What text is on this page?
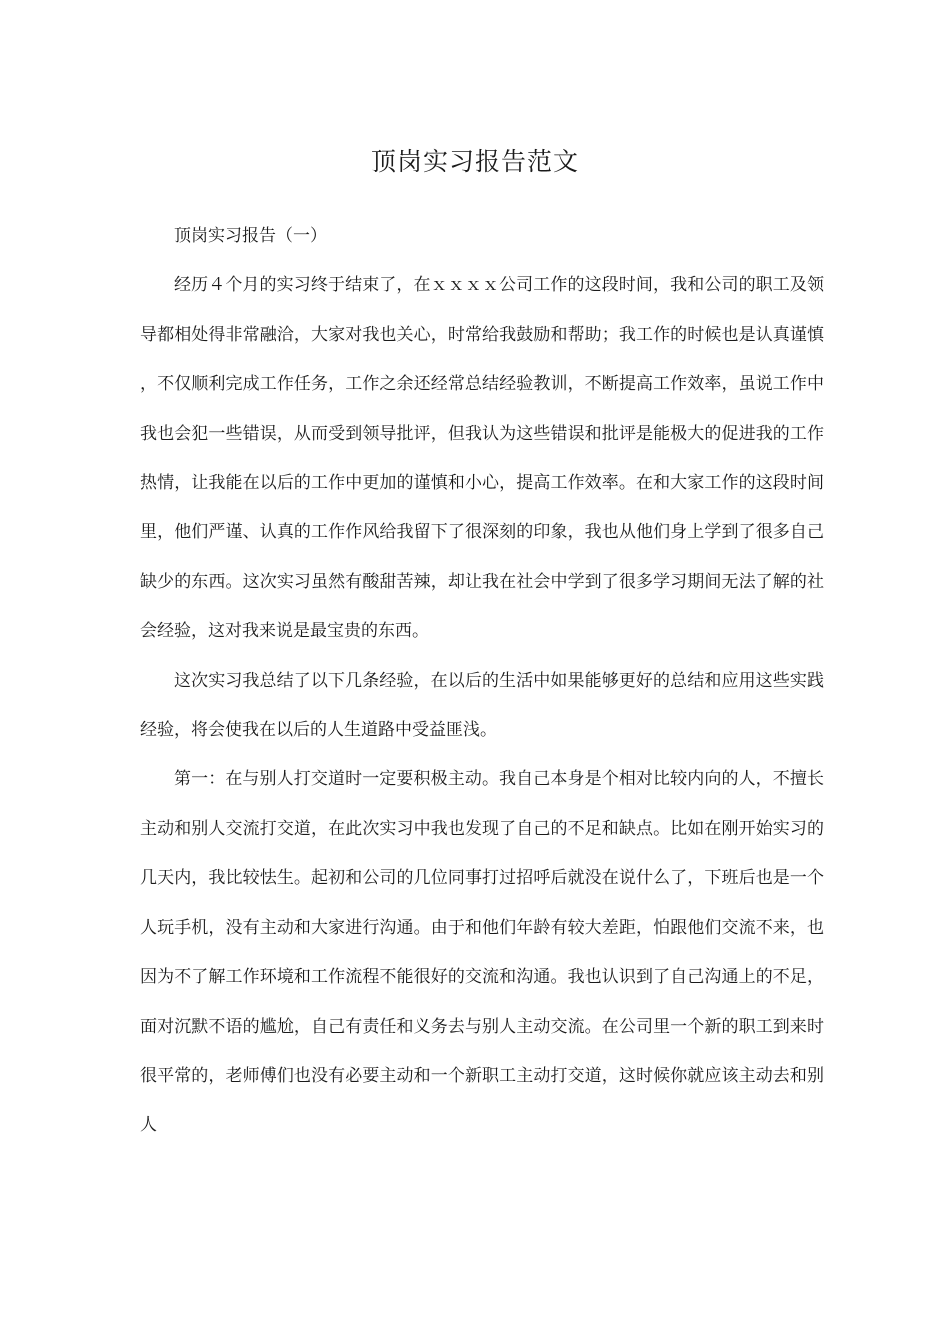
顶岗实习报告范文

顶岗实习报告（一）

经历４个月的实习终于结束了，在ｘｘｘｘ公司工作的这段时间，我和公司的职工及领导都相处得非常融洽，大家对我也关心，时常给我鼓励和帮助；我工作的时候也是认真谨慎，不仅顺利完成工作任务，工作之余还经常总结经验教训，不断提高工作效率，虽说工作中我也会犯一些错误，从而受到领导批评，但我认为这些错误和批评是能极大的促进我的工作热情，让我能在以后的工作中更加的谨慎和小心，提高工作效率。在和大家工作的这段时间里，他们严谨、认真的工作作风给我留下了很深刻的印象，我也从他们身上学到了很多自己缺少的东西。这次实习虽然有酸甜苦辣，却让我在社会中学到了很多学习期间无法了解的社会经验，这对我来说是最宝贵的东西。

这次实习我总结了以下几条经验，在以后的生活中如果能够更好的总结和应用这些实践经验，将会使我在以后的人生道路中受益匪浅。

第一：在与别人打交道时一定要积极主动。我自己本身是个相对比较内向的人，不擅长主动和别人交流打交道，在此次实习中我也发现了自己的不足和缺点。比如在刚开始实习的几天内，我比较怯生。起初和公司的几位同事打过招呼后就没在说什么了，下班后也是一个人玩手机，没有主动和大家进行沟通。由于和他们年龄有较大差距，怕跟他们交流不来，也因为不了解工作环境和工作流程不能很好的交流和沟通。我也认识到了自己沟通上的不足，面对沉默不语的尴尬，自己有责任和义务去与别人主动交流。在公司里一个新的职工到来时很平常的，老师傅们也没有必要主动和一个新职工主动打交道，这时候你就应该主动去和别人
